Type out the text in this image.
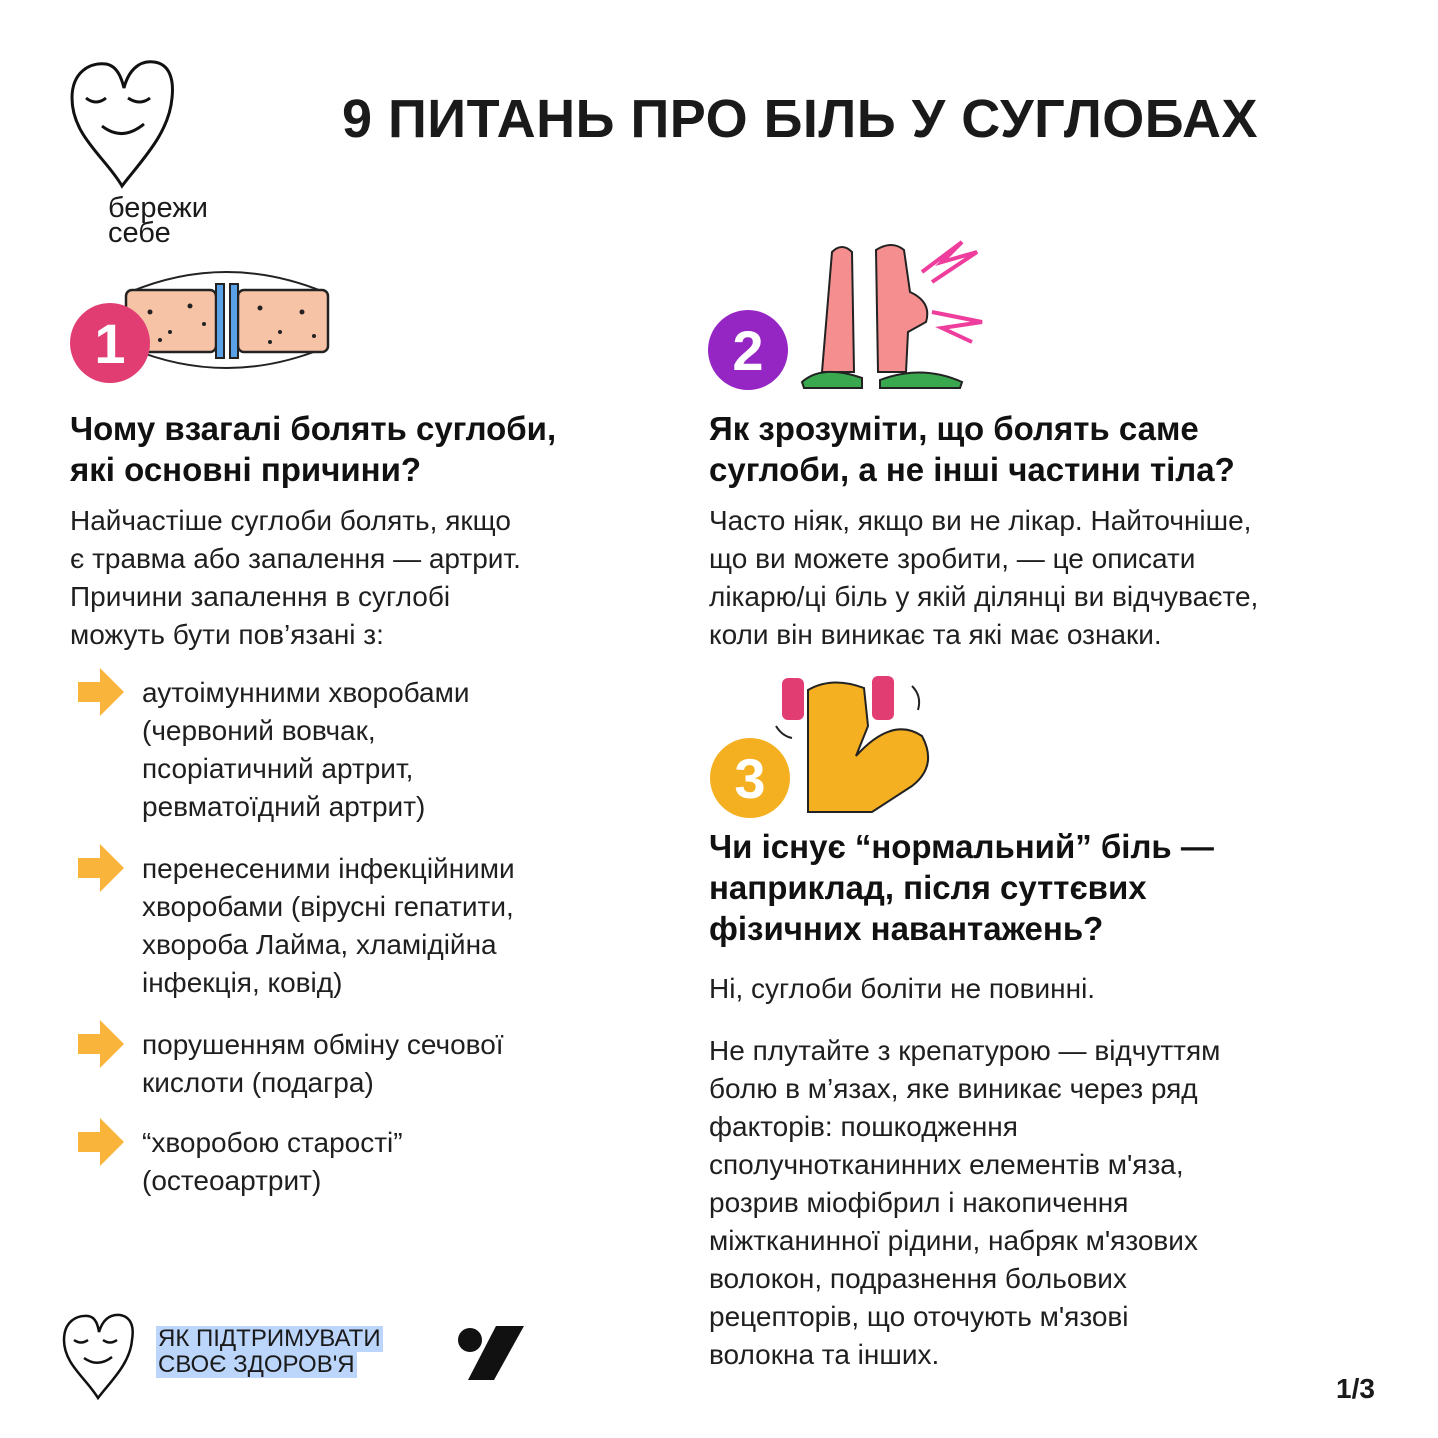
бережи
себе
9 ПИТАНЬ ПРО БІЛЬ У СУГЛОБАХ
1
Чому взагалі болять суглоби,
які основні причини?
Найчастіше суглоби болять, якщо
є травма або запалення — артрит.
Причини запалення в суглобі
можуть бути пов’язані з:
аутоімунними хворобами
(червоний вовчак,
псоріатичний артрит,
ревматоїдний артрит)
перенесеними інфекційними
хворобами (вірусні гепатити,
хвороба Лайма, хламідійна
інфекція, ковід)
порушенням обміну сечової
кислоти (подагра)
“хворобою старості”
(остеоартрит)
2
Як зрозуміти, що болять саме
суглоби, а не інші частини тіла?
Часто ніяк, якщо ви не лікар. Найточніше,
що ви можете зробити, — це описати
лікарю/ці біль у якій ділянці ви відчуваєте,
коли він виникає та які має ознаки.
3
Чи існує “нормальний” біль —
наприклад, після суттєвих
фізичних навантажень?
Ні, суглоби боліти не повинні.
Не плутайте з крепатурою — відчуттям
болю в м’язах, яке виникає через ряд
факторів: пошкодження
сполучнотканинних елементів м'яза,
розрив міофібрил і накопичення
міжтканинної рідини, набряк м'язових
волокон, подразнення больових
рецепторів, що оточують м'язові
волокна та інших.
ЯК ПІДТРИМУВАТИ
СВОЄ ЗДОРОВ'Я
1/3
